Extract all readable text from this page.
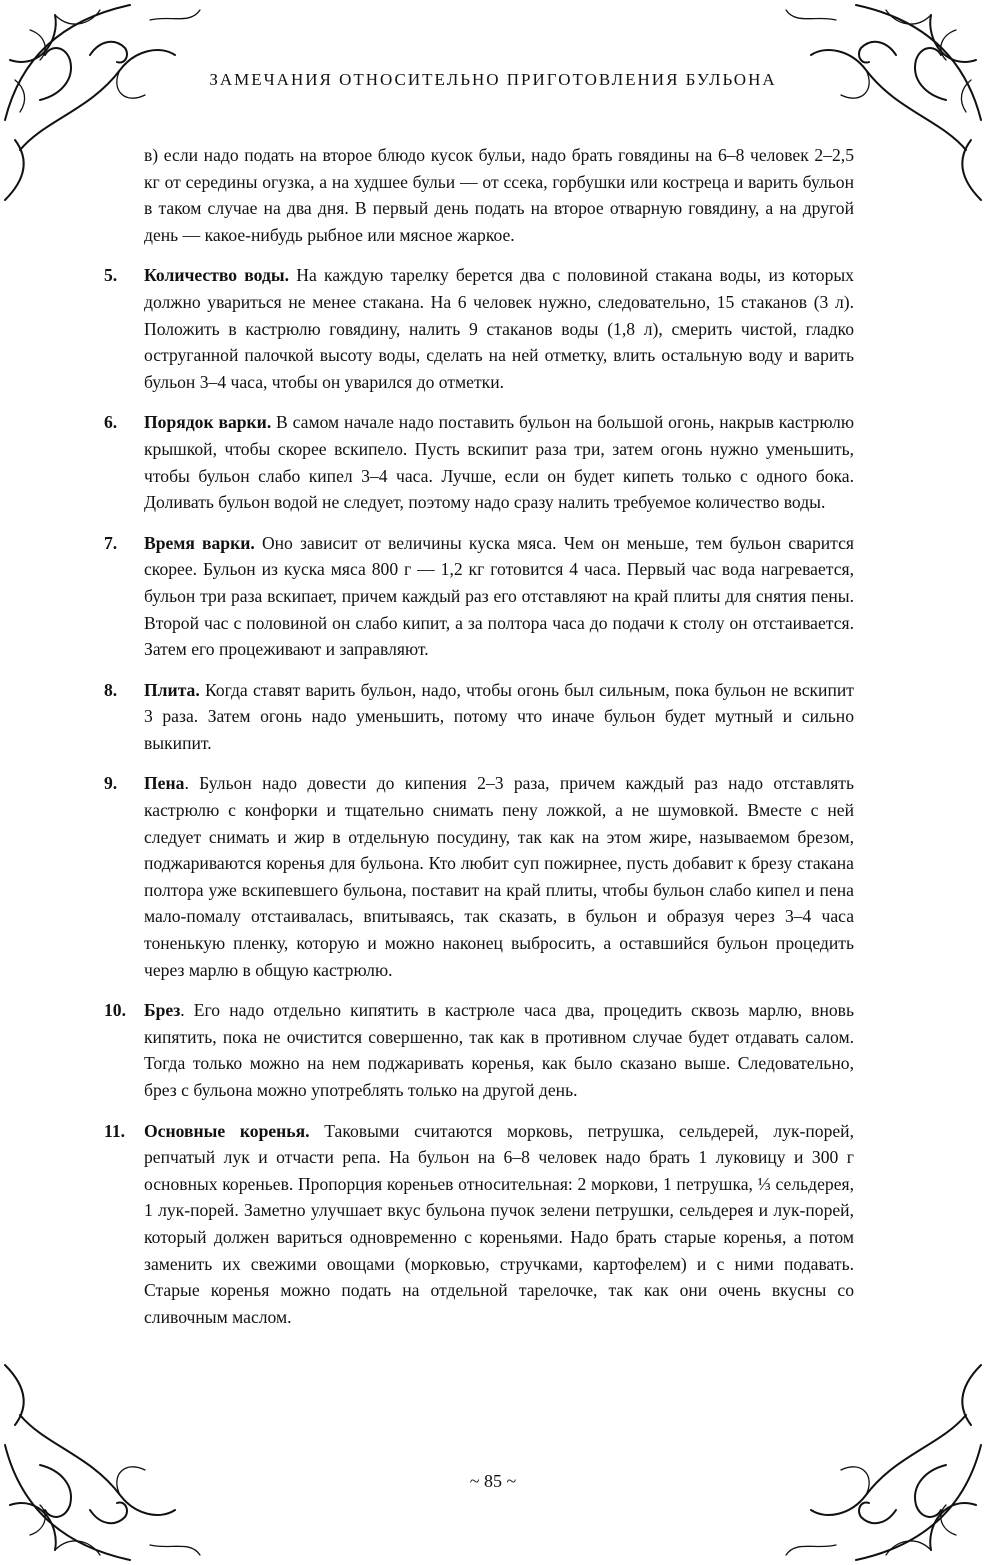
ЗАМЕЧАНИЯ ОТНОСИТЕЛЬНО ПРИГОТОВЛЕНИЯ БУЛЬОНА

в) если надо подать на второе блюдо кусок бульи, надо брать говядины на 6–8 человек 2–2,5 кг от середины огузка, а на худшее бульи — от ссека, горбушки или кострeца и варить бульон в таком случае на два дня. В первый день подать на второе отварную говядину, а на другой день — какое-нибудь рыбное или мясное жаркое.

5.	Количество воды. На каждую тарелку берется два с половиной стакана воды, из которых должно увариться не менее стакана. На 6 человек нужно, следовательно, 15 стаканов (3 л). Положить в кастрюлю говядину, налить 9 стаканов воды (1,8 л), смерить чистой, гладко оструганной палочкой высоту воды, сделать на ней отметку, влить остальную воду и варить бульон 3–4 часа, чтобы он уварился до отметки.

6.	Порядок варки. В самом начале надо поставить бульон на большой огонь, накрыв кастрюлю крышкой, чтобы скорее вскипело. Пусть вскипит раза три, затем огонь нужно уменьшить, чтобы бульон слабо кипел 3–4 часа. Лучше, если он будет кипеть только с одного бока. Доливать бульон водой не следует, поэтому надо сразу налить требуемое количество воды.

7.	Время варки. Оно зависит от величины куска мяса. Чем он меньше, тем бульон сварится скорее. Бульон из куска мяса 800 г — 1,2 кг готовится 4 часа. Первый час вода нагревается, бульон три раза вскипает, причем каждый раз его отставляют на край плиты для снятия пены. Второй час с половиной он слабо кипит, а за полтора часа до подачи к столу он отстаивается. Затем его процеживают и заправляют.

8.	Плита. Когда ставят варить бульон, надо, чтобы огонь был сильным, пока бульон не вскипит 3 раза. Затем огонь надо уменьшить, потому что иначе бульон будет мутный и сильно выкипит.

9.	Пена. Бульон надо довести до кипения 2–3 раза, причем каждый раз надо отставлять кастрюлю с конфорки и тщательно снимать пену ложкой, а не шумовкой. Вместе с ней следует снимать и жир в отдельную посудину, так как на этом жире, называемом брезом, поджариваются коренья для бульона. Кто любит суп пожирнее, пусть добавит к брезу стакана полтора уже вскипевшего бульона, поставит на край плиты, чтобы бульон слабо кипел и пена мало-помалу отстаивалась, впитываясь, так сказать, в бульон и образуя через 3–4 часа тоненькую пленку, которую и можно наконец выбросить, а оставшийся бульон процедить через марлю в общую кастрюлю.

10.	Брез. Его надо отдельно кипятить в кастрюле часа два, процедить сквозь марлю, вновь кипятить, пока не очистится совершенно, так как в противном случае будет отдавать салом. Тогда только можно на нем поджаривать коренья, как было сказано выше. Следовательно, брез с бульона можно употреблять только на другой день.

11.	Основные коренья. Таковыми считаются морковь, петрушка, сельдерей, лук-порей, репчатый лук и отчасти репа. На бульон на 6–8 человек надо брать 1 луковицу и 300 г основных кореньев. Пропорция кореньев относительная: 2 моркови, 1 петрушка, ⅓ сельдерея, 1 лук-порей. Заметно улучшает вкус бульона пучок зелени петрушки, сельдерея и лук-порей, который должен вариться одновременно с кореньями. Надо брать старые коренья, а потом заменить их свежими овощами (морковью, стручками, картофелем) и с ними подавать. Старые коренья можно подать на отдельной тарелочке, так как они очень вкусны со сливочным маслом.

~ 85 ~
